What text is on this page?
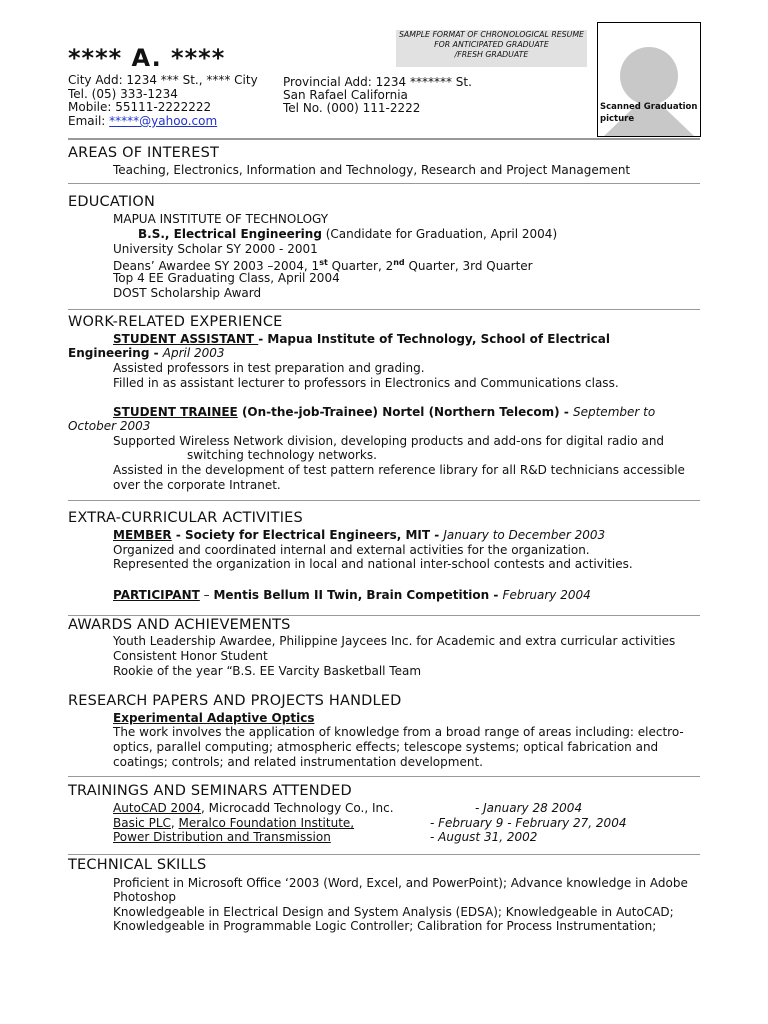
SAMPLE FORMAT OF CHRONOLOGICAL RESUME
FOR ANTICIPATED GRADUATE
/FRESH GRADUATE
Scanned Graduation
picture
**** A. ****
City Add: 1234 *** St., **** City
Tel. (05) 333-1234
Mobile: 55111-2222222
Email: *****@yahoo.com
Provincial Add: 1234 ******* St.
San Rafael California
Tel No. (000) 111-2222
AREAS OF INTEREST
Teaching, Electronics, Information and Technology, Research and Project Management
EDUCATION
MAPUA INSTITUTE OF TECHNOLOGY
B.S., Electrical Engineering (Candidate for Graduation, April 2004)
University Scholar SY 2000 - 2001
Deans’ Awardee SY 2003 –2004, 1st Quarter, 2nd Quarter, 3rd Quarter
Top 4 EE Graduating Class, April 2004
DOST Scholarship Award
WORK-RELATED EXPERIENCE
STUDENT ASSISTANT - Mapua Institute of Technology, School of Electrical
Engineering - April 2003
Assisted professors in test preparation and grading.
Filled in as assistant lecturer to professors in Electronics and Communications class.
STUDENT TRAINEE (On-the-job-Trainee) Nortel (Northern Telecom) - September to
October 2003
Supported Wireless Network division, developing products and add-ons for digital radio and
switching technology networks.
Assisted in the development of test pattern reference library for all R&D technicians accessible
over the corporate Intranet.
EXTRA-CURRICULAR ACTIVITIES
MEMBER - Society for Electrical Engineers, MIT - January to December 2003
Organized and coordinated internal and external activities for the organization.
Represented the organization in local and national inter-school contests and activities.
PARTICIPANT – Mentis Bellum II Twin, Brain Competition - February 2004
AWARDS AND ACHIEVEMENTS
Youth Leadership Awardee, Philippine Jaycees Inc. for Academic and extra curricular activities
Consistent Honor Student
Rookie of the year “B.S. EE Varcity Basketball Team
RESEARCH PAPERS AND PROJECTS HANDLED
Experimental Adaptive Optics
The work involves the application of knowledge from a broad range of areas including: electro-
optics, parallel computing; atmospheric effects; telescope systems; optical fabrication and
coatings; controls; and related instrumentation development.
TRAININGS AND SEMINARS ATTENDED
AutoCAD 2004, Microcadd Technology Co., Inc.	- January 28 2004
Basic PLC, Meralco Foundation Institute,	- February 9 - February 27, 2004
Power Distribution and Transmission	- August 31, 2002
TECHNICAL SKILLS
Proficient in Microsoft Office ‘2003 (Word, Excel, and PowerPoint); Advance knowledge in Adobe
Photoshop
Knowledgeable in Electrical Design and System Analysis (EDSA); Knowledgeable in AutoCAD;
Knowledgeable in Programmable Logic Controller; Calibration for Process Instrumentation;
